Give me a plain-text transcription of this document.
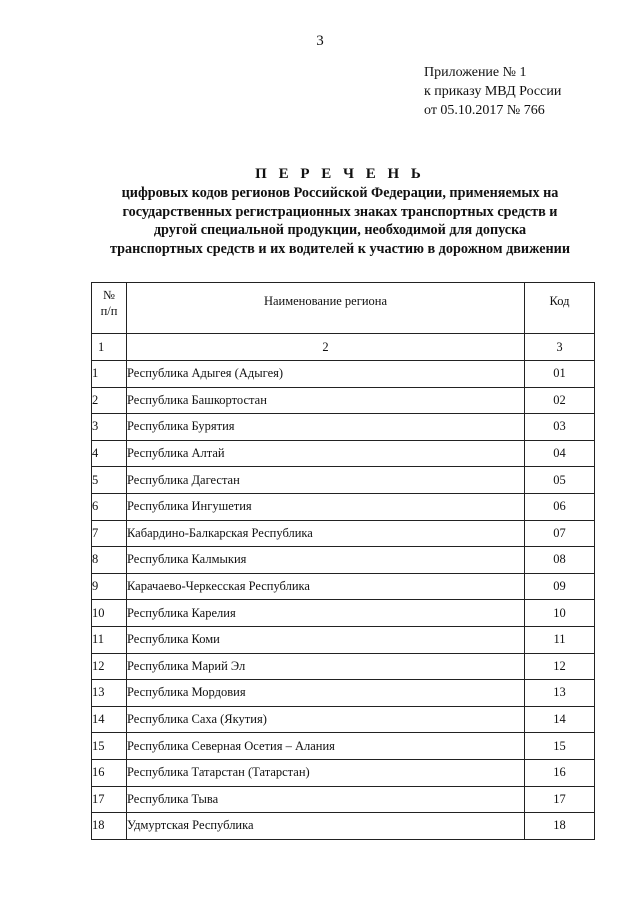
3
Приложение № 1
к приказу МВД России
от 05.10.2017 № 766
П Е Р Е Ч Е Н Ь
цифровых кодов регионов Российской Федерации, применяемых на
государственных регистрационных знаках транспортных средств и
другой специальной продукции, необходимой для допуска
транспортных средств и их водителей к участию в дорожном движении
№
п/п	Наименование региона	Код
1	2	3
1	Республика Адыгея (Адыгея)	01
2	Республика Башкортостан	02
3	Республика Бурятия	03
4	Республика Алтай	04
5	Республика Дагестан	05
6	Республика Ингушетия	06
7	Кабардино-Балкарская Республика	07
8	Республика Калмыкия	08
9	Карачаево-Черкесская Республика	09
10	Республика Карелия	10
11	Республика Коми	11
12	Республика Марий Эл	12
13	Республика Мордовия	13
14	Республика Саха (Якутия)	14
15	Республика Северная Осетия – Алания	15
16	Республика Татарстан (Татарстан)	16
17	Республика Тыва	17
18	Удмуртская Республика	18
